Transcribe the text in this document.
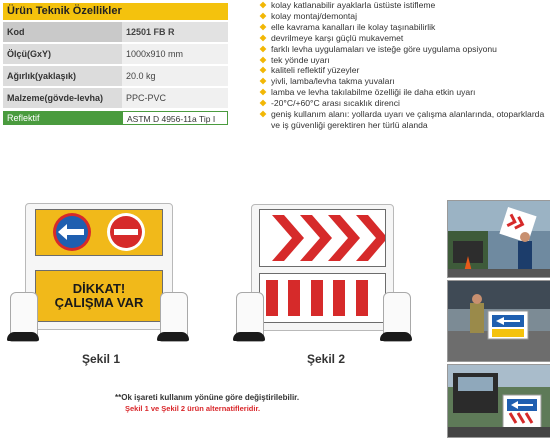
Ürün Teknik Özellikler
Kod	12501 FB R
Ölçü(GxY)	1000x910 mm
Ağırlık(yaklaşık)	20.0 kg
Malzeme(gövde-levha)	PPC-PVC
Reflektif	ASTM D 4956-11a Tip I
kolay katlanabilir ayaklarla üstüste istifleme
kolay montaj/demontaj
elle kavrama kanalları ile kolay taşınabilirlik
devrilmeye karşı güçlü mukavemet
farklı levha uygulamaları ve isteğe göre uygulama opsiyonu
tek yönde uyarı
kaliteli reflektif yüzeyler
yivli, lamba/levha takma yuvaları
lamba ve levha takılabilme özelliği ile daha etkin uyarı
-20°C/+60°C arası sıcaklık direnci
geniş kullanım alanı: yollarda uyarı ve çalışma alanlarında, otoparklarda ve iş güvenliği gerektiren her türlü alanda
DİKKAT!
ÇALIŞMA VAR
Şekil 1	Şekil 2
**Ok işareti kullanım yönüne göre değiştirilebilir.
Şekil 1 ve Şekil 2 ürün alternatifleridir.
